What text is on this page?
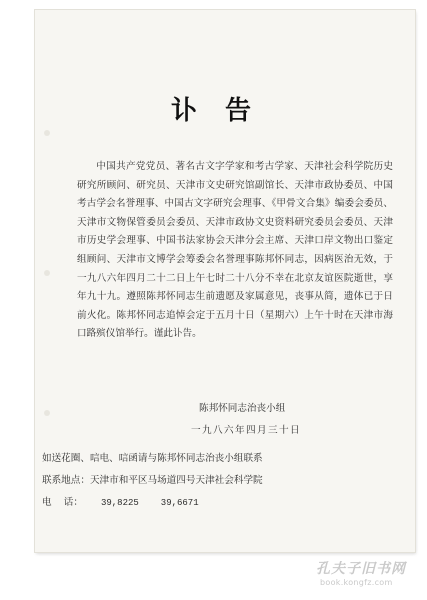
讣告
中国共产党党员、著名古文字学家和考古学家、天津社会科学院历史研究所顾问、研究员、天津市文史研究馆副馆长、天津市政协委员、中国考古学会名誉理事、中国古文字研究会理事、《甲骨文合集》编委会委员、天津市文物保管委员会委员、天津市政协文史资料研究委员会委员、天津市历史学会理事、中国书法家协会天津分会主席、天津口岸文物出口鉴定组顾问、天津市文博学会筹委会名誉理事陈邦怀同志，因病医治无效，于一九八六年四月二十二日上午七时二十八分不幸在北京友谊医院逝世，享年九十九。遵照陈邦怀同志生前遗愿及家属意见，丧事从简，遗体已于日前火化。陈邦怀同志追悼会定于五月十日（星期六）上午十时在天津市海口路殡仪馆举行。谨此讣告。
陈邦怀同志治丧小组
一九八六年四月三十日
如送花圈、唁电、唁函请与陈邦怀同志治丧小组联系
联系地点：天津市和平区马场道四号天津社会科学院
电    话： 39,8225 39,6671
孔夫子旧书网
book.kongfz.com
